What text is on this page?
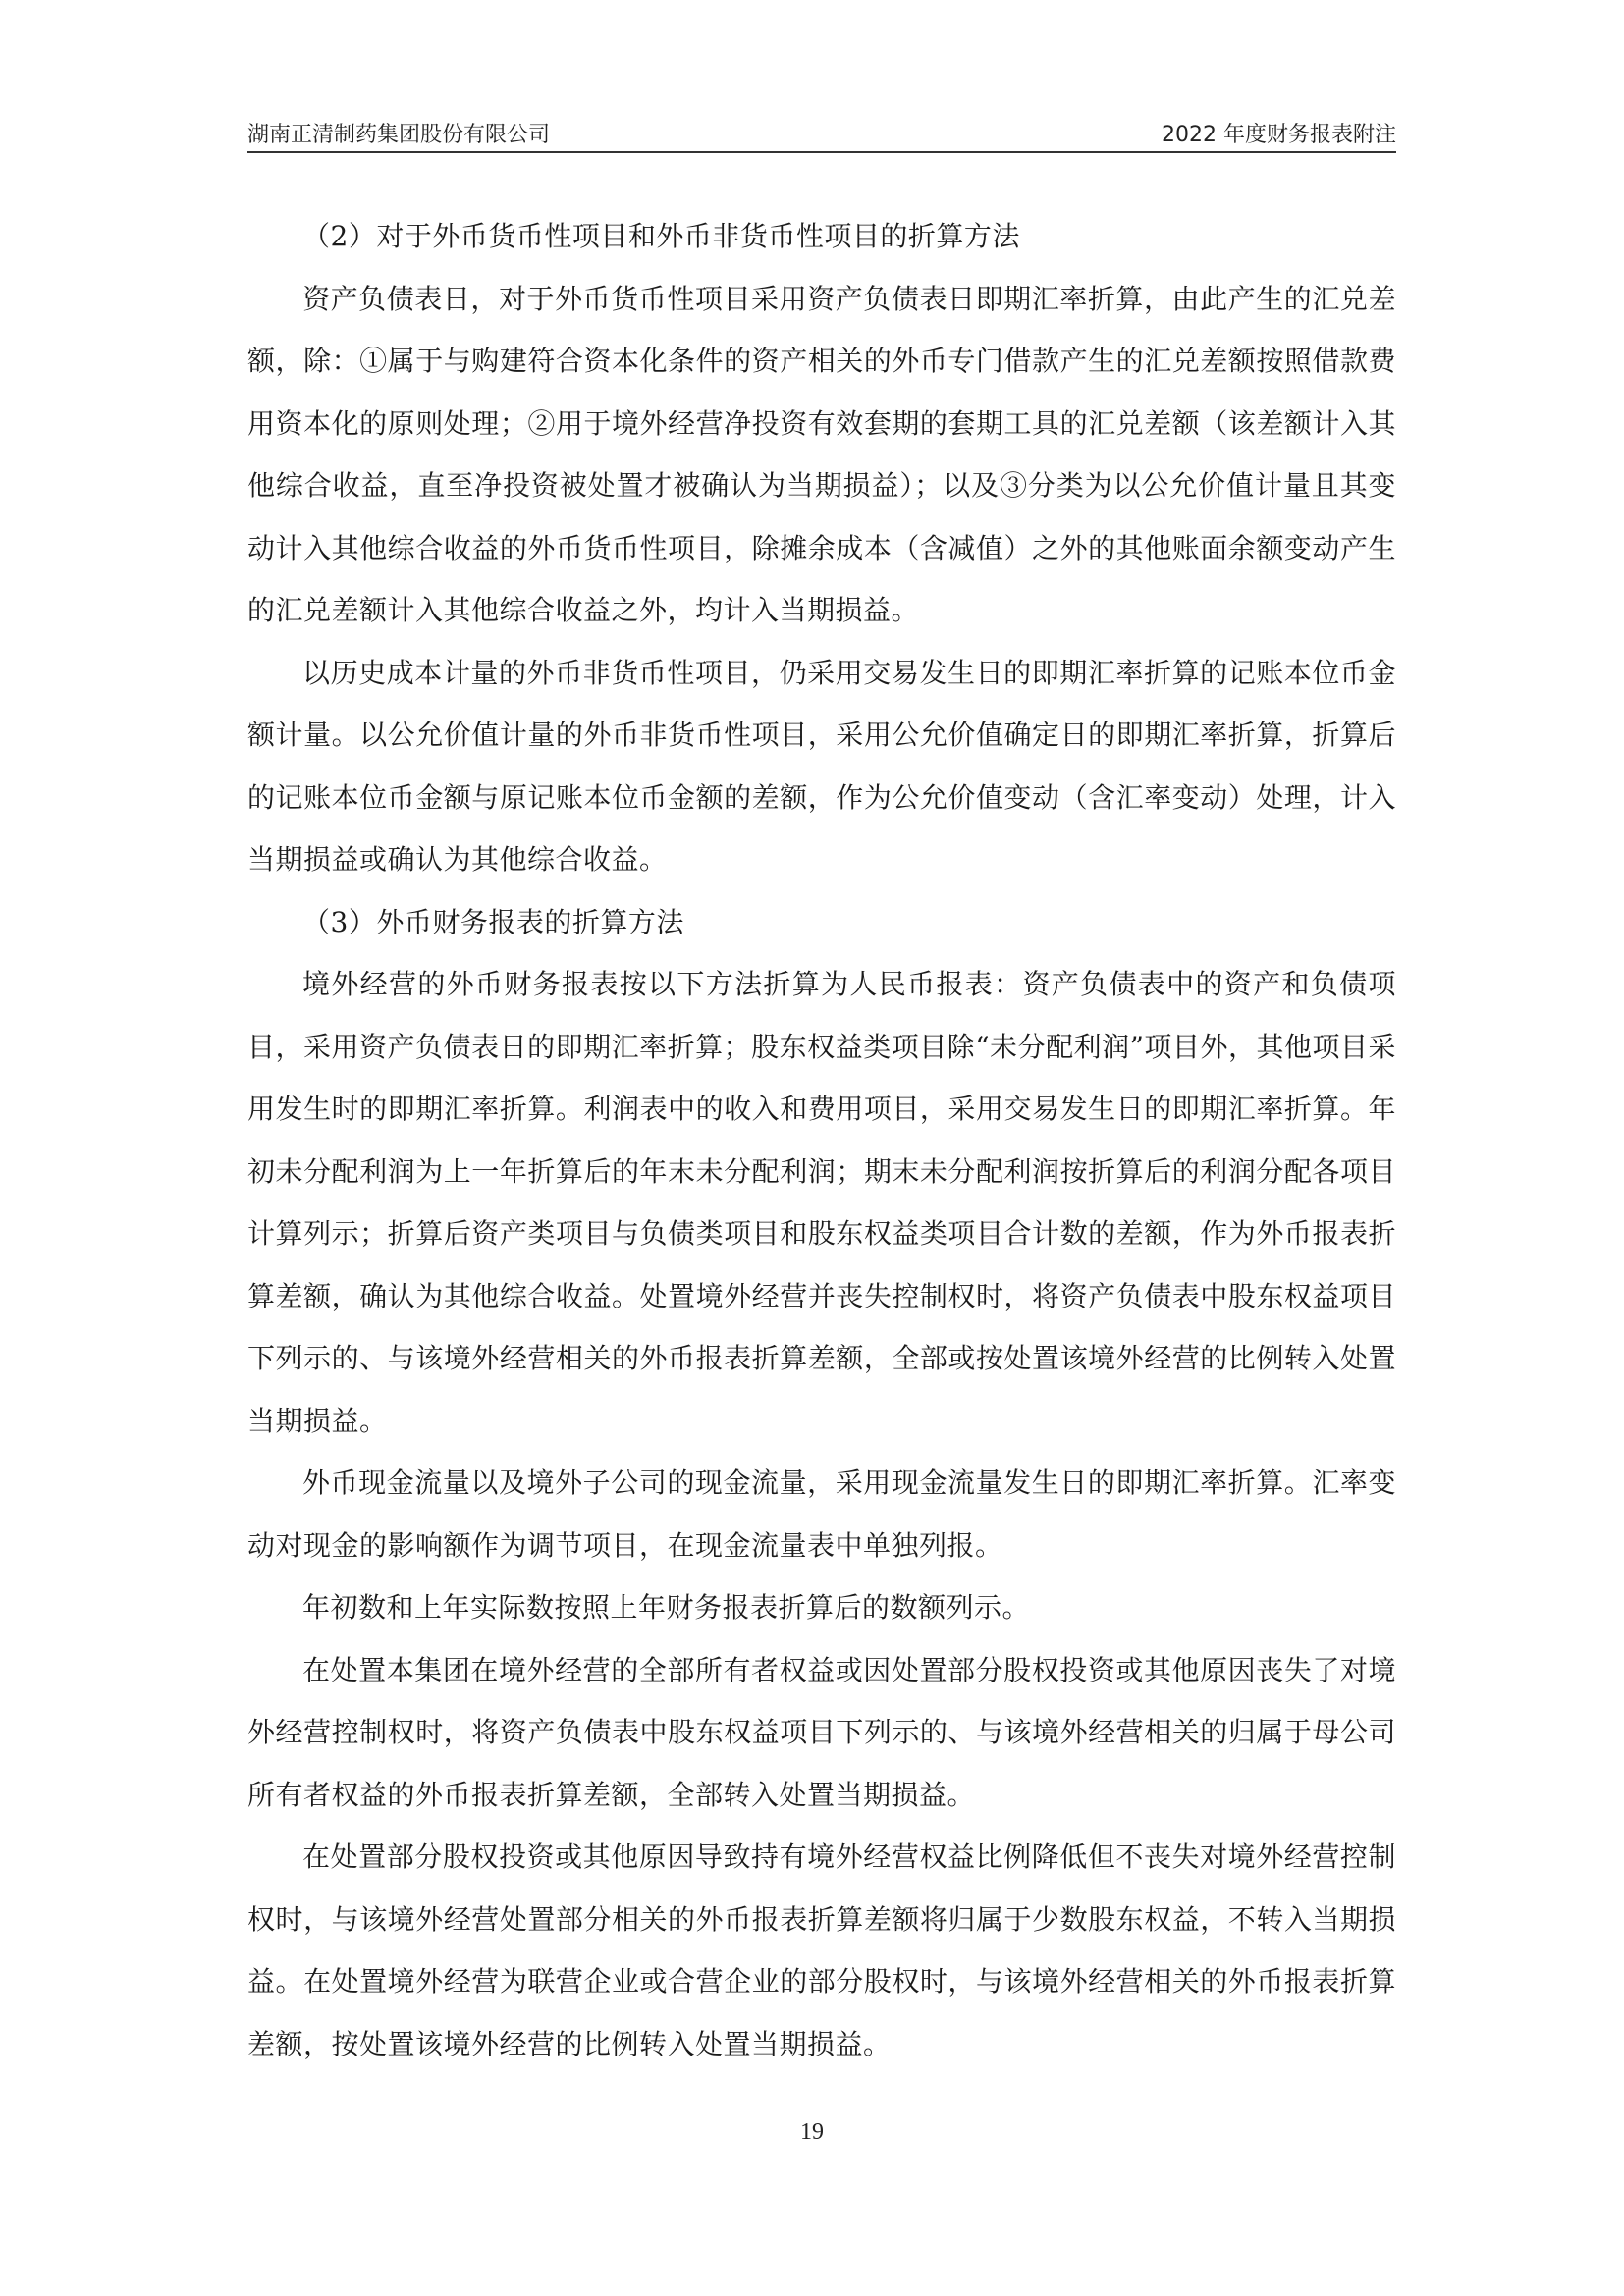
湖南正清制药集团股份有限公司	2022 年度财务报表附注

（2）对于外币货币性项目和外币非货币性项目的折算方法

资产负债表日，对于外币货币性项目采用资产负债表日即期汇率折算，由此产生的汇兑差额，除：①属于与购建符合资本化条件的资产相关的外币专门借款产生的汇兑差额按照借款费用资本化的原则处理；②用于境外经营净投资有效套期的套期工具的汇兑差额（该差额计入其他综合收益，直至净投资被处置才被确认为当期损益）；以及③分类为以公允价值计量且其变动计入其他综合收益的外币货币性项目，除摊余成本（含减值）之外的其他账面余额变动产生的汇兑差额计入其他综合收益之外，均计入当期损益。

以历史成本计量的外币非货币性项目，仍采用交易发生日的即期汇率折算的记账本位币金额计量。以公允价值计量的外币非货币性项目，采用公允价值确定日的即期汇率折算，折算后的记账本位币金额与原记账本位币金额的差额，作为公允价值变动（含汇率变动）处理，计入当期损益或确认为其他综合收益。

（3）外币财务报表的折算方法

境外经营的外币财务报表按以下方法折算为人民币报表：资产负债表中的资产和负债项目，采用资产负债表日的即期汇率折算；股东权益类项目除“未分配利润”项目外，其他项目采用发生时的即期汇率折算。利润表中的收入和费用项目，采用交易发生日的即期汇率折算。年初未分配利润为上一年折算后的年末未分配利润；期末未分配利润按折算后的利润分配各项目计算列示；折算后资产类项目与负债类项目和股东权益类项目合计数的差额，作为外币报表折算差额，确认为其他综合收益。处置境外经营并丧失控制权时，将资产负债表中股东权益项目下列示的、与该境外经营相关的外币报表折算差额，全部或按处置该境外经营的比例转入处置当期损益。

外币现金流量以及境外子公司的现金流量，采用现金流量发生日的即期汇率折算。汇率变动对现金的影响额作为调节项目，在现金流量表中单独列报。

年初数和上年实际数按照上年财务报表折算后的数额列示。

在处置本集团在境外经营的全部所有者权益或因处置部分股权投资或其他原因丧失了对境外经营控制权时，将资产负债表中股东权益项目下列示的、与该境外经营相关的归属于母公司所有者权益的外币报表折算差额，全部转入处置当期损益。

在处置部分股权投资或其他原因导致持有境外经营权益比例降低但不丧失对境外经营控制权时，与该境外经营处置部分相关的外币报表折算差额将归属于少数股东权益，不转入当期损益。在处置境外经营为联营企业或合营企业的部分股权时，与该境外经营相关的外币报表折算差额，按处置该境外经营的比例转入处置当期损益。

19
